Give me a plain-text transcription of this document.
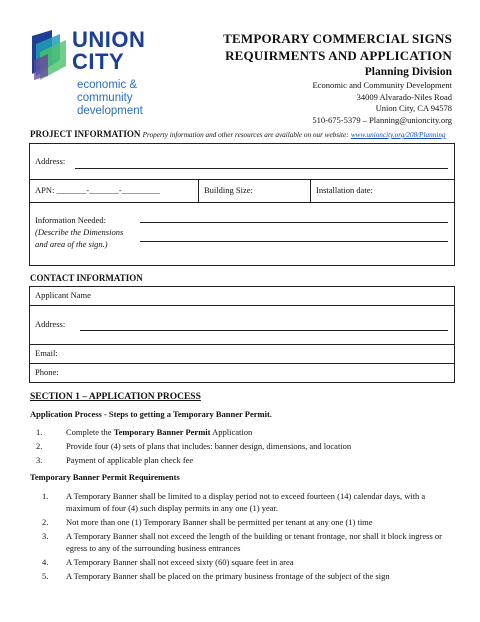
UNION
CITY
economic &
community
development
TEMPORARY COMMERCIAL SIGNS
REQUIRMENTS AND APPLICATION
Planning Division
Economic and Community Development
34009 Alvarado-Niles Road
Union City, CA 94578
510-675-5379 – Planning@unioncity.org
PROJECT INFORMATION Property information and other resources are available on our website: www.unioncity.org/208/Planning
Address:
APN: _______-_______-_________	Building Size:	Installation date:
Information Needed:
(Describe the Dimensions
and area of the sign.)
CONTACT INFORMATION
Applicant Name
Address:
Email:
Phone:
SECTION 1 – APPLICATION PROCESS
Application Process - Steps to getting a Temporary Banner Permit.
1.	Complete the Temporary Banner Permit Application
2.	Provide four (4) sets of plans that includes: banner design, dimensions, and location
3.	Payment of applicable plan check fee
Temporary Banner Permit Requirements
1. A Temporary Banner shall be limited to a display period not to exceed fourteen (14) calendar days, with a maximum of four (4) such display permits in any one (1) year.
2. Not more than one (1) Temporary Banner shall be permitted per tenant at any one (1) time
3. A Temporary Banner shall not exceed the length of the building or tenant frontage, nor shall it block ingress or egress to any of the surrounding business entrances
4. A Temporary Banner shall not exceed sixty (60) square feet in area
5. A Temporary Banner shall be placed on the primary business frontage of the subject of the sign
